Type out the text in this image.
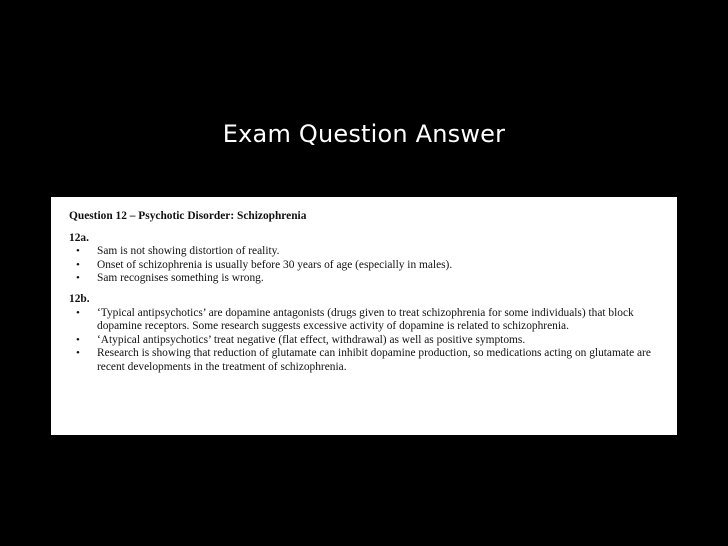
Exam Question Answer
Question 12 – Psychotic Disorder: Schizophrenia
12a.
• Sam is not showing distortion of reality.
• Onset of schizophrenia is usually before 30 years of age (especially in males).
• Sam recognises something is wrong.
12b.
• ‘Typical antipsychotics’ are dopamine antagonists (drugs given to treat schizophrenia for some individuals) that block dopamine receptors. Some research suggests excessive activity of dopamine is related to schizophrenia.
• ‘Atypical antipsychotics’ treat negative (flat effect, withdrawal) as well as positive symptoms.
• Research is showing that reduction of glutamate can inhibit dopamine production, so medications acting on glutamate are recent developments in the treatment of schizophrenia.
